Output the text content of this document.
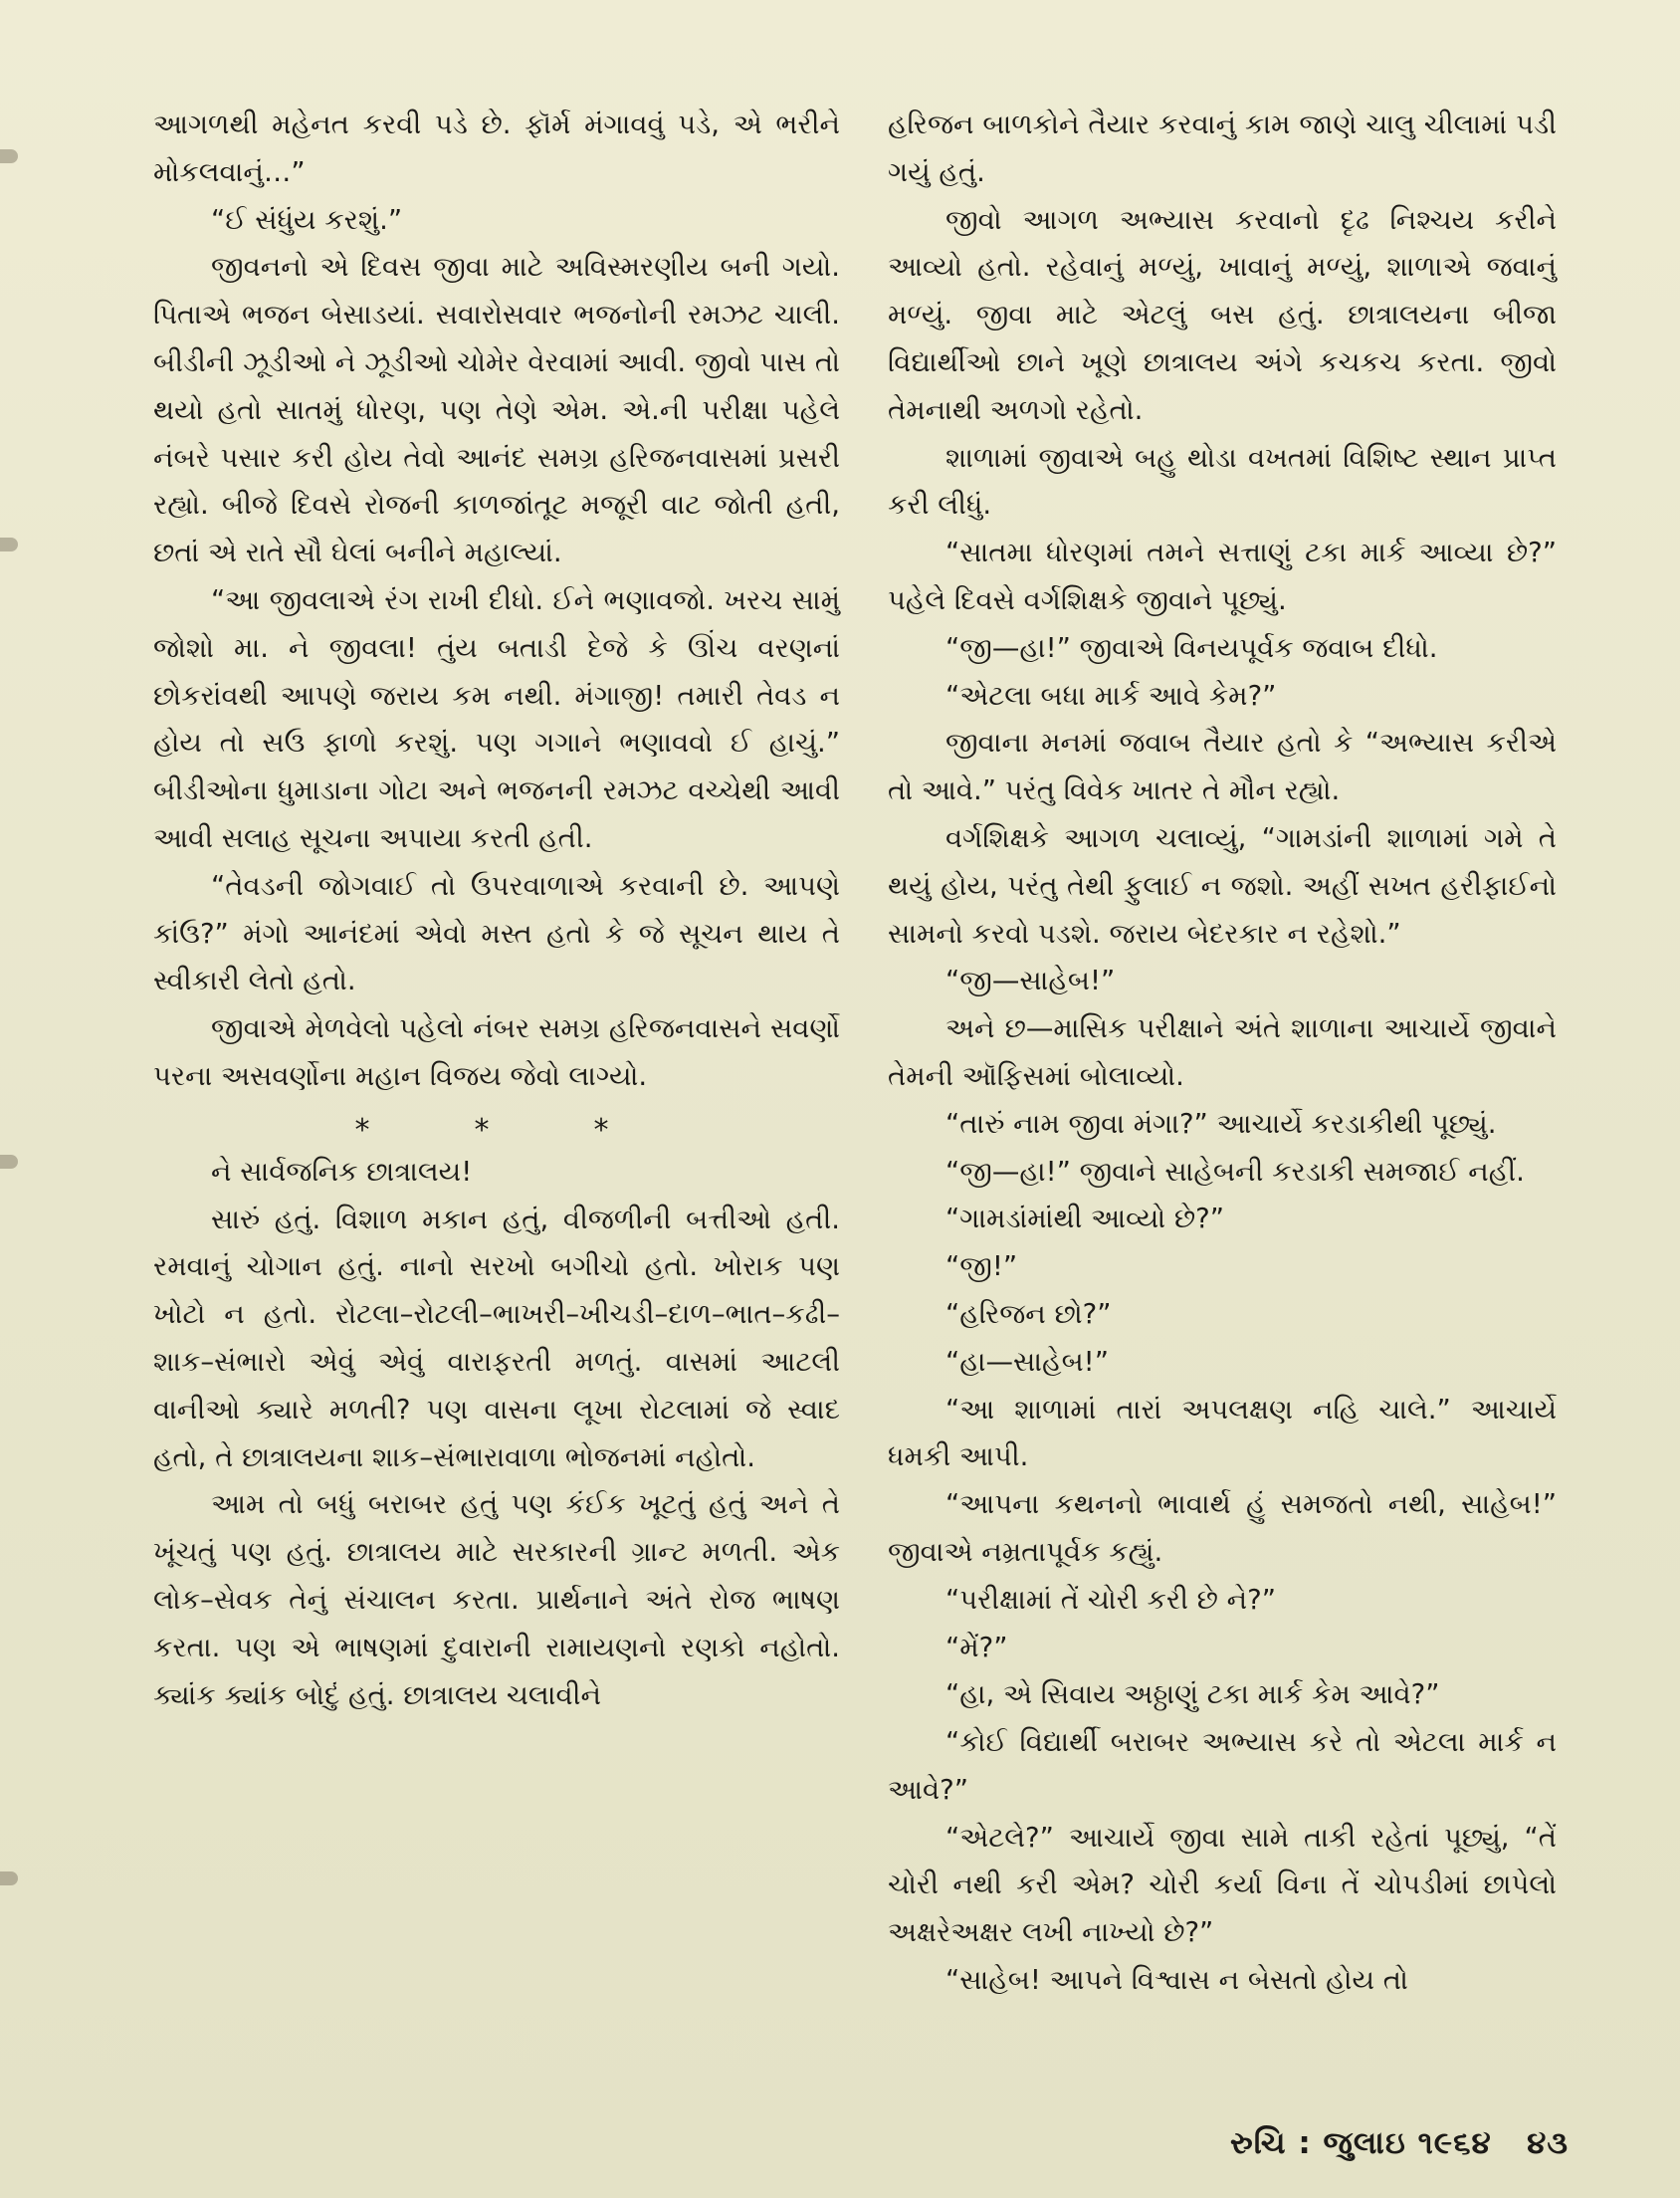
આગળથી મહેનત કરવી પડે છે. ફૉર્મ મંગાવવું પડે, એ ભરીને મોકલવાનું…”

“ઈ સંધુંય કરશું.”

જીવનનો એ દિવસ જીવા માટે અવિસ્મરણીય બની ગયો. પિતાએ ભજન બેસાડયાં. સવારોસવાર ભજનોની રમઝટ ચાલી. બીડીની ઝૂડીઓ ને ઝૂડીઓ ચોમેર વેરવામાં આવી. જીવો પાસ તો થયો હતો સાતમું ધોરણ, પણ તેણે એમ. એ.ની પરીક્ષા પહેલે નંબરે પસાર કરી હોય તેવો આનંદ સમગ્ર હરિજનવાસમાં પ્રસરી રહ્યો. બીજે દિવસે રોજની કાળજાંતૂટ મજૂરી વાટ જોતી હતી, છતાં એ રાતે સૌ ઘેલાં બનીને મહાલ્યાં.

“આ જીવલાએ રંગ રાખી દીધો. ઈને ભણાવજો. ખરચ સામું જોશો મા. ને જીવલા! તુંય બતાડી દેજે કે ઊંચ વરણનાં છોકરાંવથી આપણે જરાય કમ નથી. મંગાજી! તમારી તેવડ ન હોય તો સઉ ફાળો કરશું. પણ ગગાને ભણાવવો ઈ હાચું.” બીડીઓના ધુમાડાના ગોટા અને ભજનની રમઝટ વચ્ચેથી આવી આવી સલાહ સૂચના અપાયા કરતી હતી.

“તેવડની જોગવાઈ તો ઉપરવાળાએ કરવાની છે. આપણે કાંઉ?” મંગો આનંદમાં એવો મસ્ત હતો કે જે સૂચન થાય તે સ્વીકારી લેતો હતો.

જીવાએ મેળવેલો પહેલો નંબર સમગ્ર હરિજનવાસને સવર્ણો પરના અસવર્ણોના મહાન વિજય જેવો લાગ્યો.

*	*	*

ને સાર્વજનિક છાત્રાલય!

સારું હતું. વિશાળ મકાન હતું, વીજળીની બત્તીઓ હતી. રમવાનું ચોગાન હતું. નાનો સરખો બગીચો હતો. ખોરાક પણ ખોટો ન હતો. રોટલા–રોટલી–ભાખરી–ખીચડી–દાળ–ભાત–કઢી–શાક–સંભારો એવું એવું વારાફરતી મળતું. વાસમાં આટલી વાનીઓ ક્યારે મળતી? પણ વાસના લૂખા રોટલામાં જે સ્વાદ હતો, તે છાત્રાલયના શાક–સંભારાવાળા ભોજનમાં નહોતો.

આમ તો બધું બરાબર હતું પણ કંઈક ખૂટતું હતું અને તે ખૂંચતું પણ હતું. છાત્રાલય માટે સરકારની ગ્રાન્ટ મળતી. એક લોક–સેવક તેનું સંચાલન કરતા. પ્રાર્થનાને અંતે રોજ ભાષણ કરતા. પણ એ ભાષણમાં દુવારાની રામાયણનો રણકો નહોતો. ક્યાંક ક્યાંક બોદું હતું. છાત્રાલય ચલાવીને

હરિજન બાળકોને તૈયાર કરવાનું કામ જાણે ચાલુ ચીલામાં પડી ગયું હતું.

જીવો આગળ અભ્યાસ કરવાનો દૃઢ નિશ્ચય કરીને આવ્યો હતો. રહેવાનું મળ્યું, ખાવાનું મળ્યું, શાળાએ જવાનું મળ્યું. જીવા માટે એટલું બસ હતું. છાત્રાલયના બીજા વિદ્યાર્થીઓ છાને ખૂણે છાત્રાલય અંગે કચકચ કરતા. જીવો તેમનાથી અળગો રહેતો.

શાળામાં જીવાએ બહુ થોડા વખતમાં વિશિષ્ટ સ્થાન પ્રાપ્ત કરી લીધું.

“સાતમા ધોરણમાં તમને સત્તાણું ટકા માર્ક આવ્યા છે?” પહેલે દિવસે વર્ગશિક્ષકે જીવાને પૂછ્યું.

“જી—હા!” જીવાએ વિનયપૂર્વક જવાબ દીધો.

“એટલા બધા માર્ક આવે કેમ?”

જીવાના મનમાં જવાબ તૈયાર હતો કે “અભ્યાસ કરીએ તો આવે.” પરંતુ વિવેક ખાતર તે મૌન રહ્યો.

વર્ગશિક્ષકે આગળ ચલાવ્યું, “ગામડાંની શાળામાં ગમે તે થયું હોય, પરંતુ તેથી ફુલાઈ ન જશો. અહીં સખત હરીફાઈનો સામનો કરવો પડશે. જરાય બેદરકાર ન રહેશો.”

“જી—સાહેબ!”

અને છ—માસિક પરીક્ષાને અંતે શાળાના આચાર્યે જીવાને તેમની ઑફિસમાં બોલાવ્યો.

“તારું નામ જીવા મંગા?” આચાર્યે કરડાકીથી પૂછ્યું.

“જી—હા!” જીવાને સાહેબની કરડાકી સમજાઈ નહીં.

“ગામડાંમાંથી આવ્યો છે?”

“જી!”

“હરિજન છો?”

“હા—સાહેબ!”

“આ શાળામાં તારાં અપલક્ષણ નહિ ચાલે.” આચાર્યે ધમકી આપી.

“આપના કથનનો ભાવાર્થ હું સમજતો નથી, સાહેબ!” જીવાએ નમ્રતાપૂર્વક કહ્યું.

“પરીક્ષામાં તેં ચોરી કરી છે ને?”

“મેં?”

“હા, એ સિવાય અઠ્ઠાણું ટકા માર્ક કેમ આવે?”

“કોઈ વિદ્યાર્થી બરાબર અભ્યાસ કરે તો એટલા માર્ક ન આવે?”

“એટલે?” આચાર્યે જીવા સામે તાકી રહેતાં પૂછ્યું, “તેં ચોરી નથી કરી એમ? ચોરી કર્યા વિના તેં ચોપડીમાં છાપેલો અક્ષરેઅક્ષર લખી નાખ્યો છે?”

“સાહેબ! આપને વિશ્વાસ ન બેસતો હોય તો

રુચિ : જુલાઇ ૧૯૬૪ ૪૩
